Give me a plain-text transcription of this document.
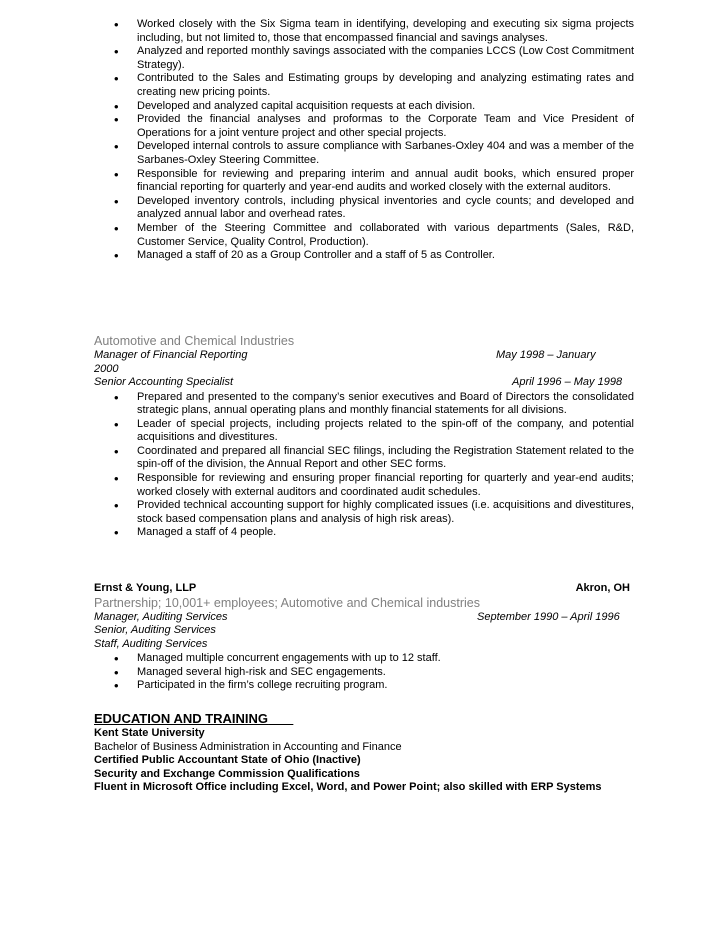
• Worked closely with the Six Sigma team in identifying, developing and executing six sigma projects including, but not limited to, those that encompassed financial and savings analyses.
• Analyzed and reported monthly savings associated with the companies LCCS (Low Cost Commitment Strategy).
• Contributed to the Sales and Estimating groups by developing and analyzing estimating rates and creating new pricing points.
• Developed and analyzed capital acquisition requests at each division.
• Provided the financial analyses and proformas to the Corporate Team and Vice President of Operations for a joint venture project and other special projects.
• Developed internal controls to assure compliance with Sarbanes-Oxley 404 and was a member of the Sarbanes-Oxley Steering Committee.
• Responsible for reviewing and preparing interim and annual audit books, which ensured proper financial reporting for quarterly and year-end audits and worked closely with the external auditors.
• Developed inventory controls, including physical inventories and cycle counts; and developed and analyzed annual labor and overhead rates.
• Member of the Steering Committee and collaborated with various departments (Sales, R&D, Customer Service, Quality Control, Production).
• Managed a staff of 20 as a Group Controller and a staff of 5 as Controller.
Automotive and Chemical Industries
Manager of Financial Reporting	May 1998 – January
2000
Senior Accounting Specialist	April 1996 – May 1998
• Prepared and presented to the company’s senior executives and Board of Directors the consolidated strategic plans, annual operating plans and monthly financial statements for all divisions.
• Leader of special projects, including projects related to the spin-off of the company, and potential acquisitions and divestitures.
• Coordinated and prepared all financial SEC filings, including the Registration Statement related to the spin-off of the division, the Annual Report and other SEC forms.
• Responsible for reviewing and ensuring proper financial reporting for quarterly and year-end audits; worked closely with external auditors and coordinated audit schedules.
• Provided technical accounting support for highly complicated issues (i.e. acquisitions and divestitures, stock based compensation plans and analysis of high risk areas).
• Managed a staff of 4 people.
Ernst & Young, LLP	Akron, OH
Partnership; 10,001+ employees; Automotive and Chemical industries
Manager, Auditing Services	September 1990 – April 1996
Senior, Auditing Services
Staff, Auditing Services
• Managed multiple concurrent engagements with up to 12 staff.
• Managed several high-risk and SEC engagements.
• Participated in the firm’s college recruiting program.
EDUCATION AND TRAINING
Kent State University
Bachelor of Business Administration in Accounting and Finance
Certified Public Accountant State of Ohio (Inactive)
Security and Exchange Commission Qualifications
Fluent in Microsoft Office including Excel, Word, and Power Point; also skilled with ERP Systems
